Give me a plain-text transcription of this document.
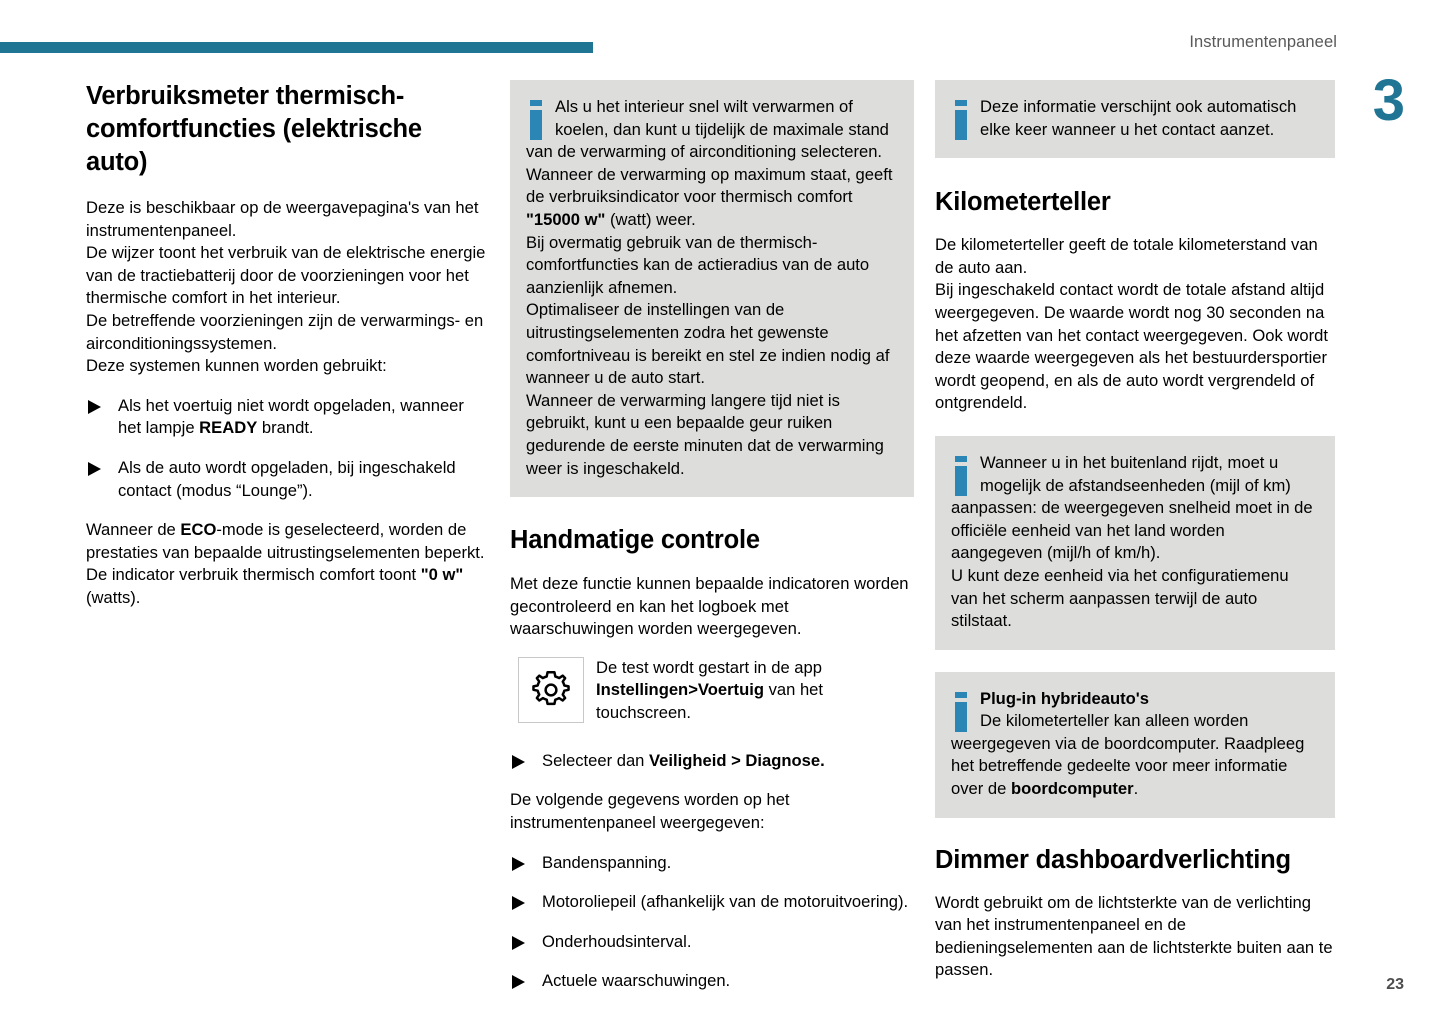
Instrumentenpaneel
3
23
Verbruiksmeter thermisch-comfortfuncties (elektrische auto)

Deze is beschikbaar op de weergavepagina's van het instrumentenpaneel.

De wijzer toont het verbruik van de elektrische energie van de tractiebatterij door de voorzieningen voor het thermische comfort in het interieur.

De betreffende voorzieningen zijn de verwarmings- en airconditioningssystemen.

Deze systemen kunnen worden gebruikt:

Als het voertuig niet wordt opgeladen, wanneer het lampje READY brandt.
Als de auto wordt opgeladen, bij ingeschakeld contact (modus “Lounge”).

Wanneer de ECO-mode is geselecteerd, worden de prestaties van bepaalde uitrustingselementen beperkt. De indicator verbruik thermisch comfort toont "0 w" (watts).

Als u het interieur snel wilt verwarmen of koelen, dan kunt u tijdelijk de maximale stand van de verwarming of airconditioning selecteren.
Wanneer de verwarming op maximum staat, geeft de verbruiksindicator voor thermisch comfort "15000 w" (watt) weer.
Bij overmatig gebruik van de thermisch-comfortfuncties kan de actieradius van de auto aanzienlijk afnemen.
Optimaliseer de instellingen van de uitrustingselementen zodra het gewenste comfortniveau is bereikt en stel ze indien nodig af wanneer u de auto start.
Wanneer de verwarming langere tijd niet is gebruikt, kunt u een bepaalde geur ruiken gedurende de eerste minuten dat de verwarming weer is ingeschakeld.
Handmatige controle

Met deze functie kunnen bepaalde indicatoren worden gecontroleerd en kan het logboek met waarschuwingen worden weergegeven.

De test wordt gestart in de app Instellingen>Voertuig van het touchscreen.
Selecteer dan Veiligheid > Diagnose.

De volgende gegevens worden op het instrumentenpaneel weergegeven:

Bandenspanning.
Motoroliepeil (afhankelijk van de motoruitvoering).
Onderhoudsinterval.
Actuele waarschuwingen.
Deze informatie verschijnt ook automatisch elke keer wanneer u het contact aanzet.
Kilometerteller

De kilometerteller geeft de totale kilometerstand van de auto aan.

Bij ingeschakeld contact wordt de totale afstand altijd weergegeven. De waarde wordt nog 30 seconden na het afzetten van het contact weergegeven. Ook wordt deze waarde weergegeven als het bestuurdersportier wordt geopend, en als de auto wordt vergrendeld of ontgrendeld.

Wanneer u in het buitenland rijdt, moet u mogelijk de afstandseenheden (mijl of km) aanpassen: de weergegeven snelheid moet in de officiële eenheid van het land worden aangegeven (mijl/h of km/h).
U kunt deze eenheid via het configuratiemenu van het scherm aanpassen terwijl de auto stilstaat.
Plug-in hybrideauto's
De kilometerteller kan alleen worden weergegeven via de boordcomputer. Raadpleeg het betreffende gedeelte voor meer informatie over de boordcomputer.
Dimmer dashboardverlichting

Wordt gebruikt om de lichtsterkte van de verlichting van het instrumentenpaneel en de bedieningselementen aan de lichtsterkte buiten aan te passen.
